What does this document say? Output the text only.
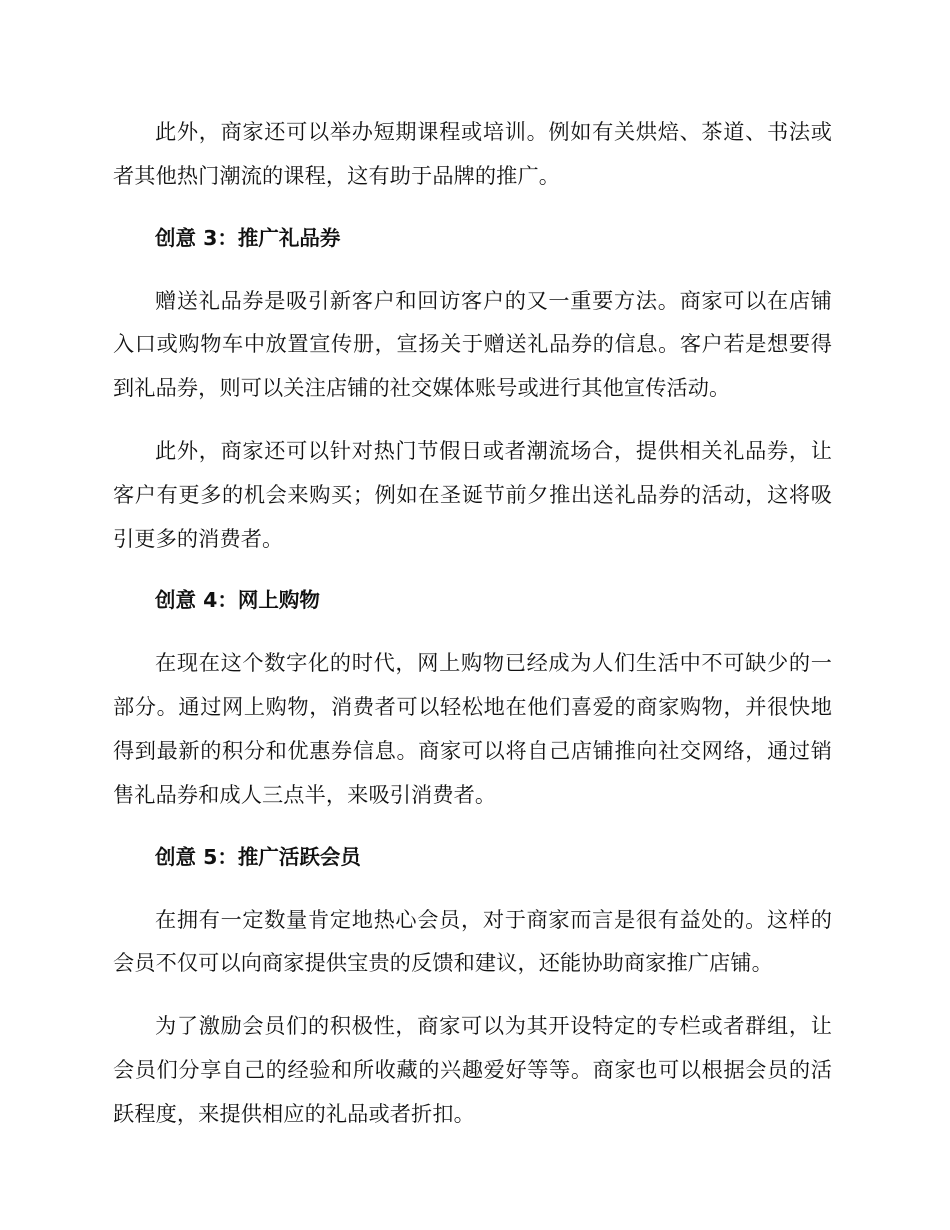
此外，商家还可以举办短期课程或培训。例如有关烘焙、茶道、书法或者其他热门潮流的课程，这有助于品牌的推广。

创意 3：推广礼品券

赠送礼品券是吸引新客户和回访客户的又一重要方法。商家可以在店铺入口或购物车中放置宣传册，宣扬关于赠送礼品券的信息。客户若是想要得到礼品券，则可以关注店铺的社交媒体账号或进行其他宣传活动。

此外，商家还可以针对热门节假日或者潮流场合，提供相关礼品券，让客户有更多的机会来购买；例如在圣诞节前夕推出送礼品券的活动，这将吸引更多的消费者。

创意 4：网上购物

在现在这个数字化的时代，网上购物已经成为人们生活中不可缺少的一部分。通过网上购物，消费者可以轻松地在他们喜爱的商家购物，并很快地得到最新的积分和优惠券信息。商家可以将自己店铺推向社交网络，通过销售礼品券和成人三点半，来吸引消费者。

创意 5：推广活跃会员

在拥有一定数量肯定地热心会员，对于商家而言是很有益处的。这样的会员不仅可以向商家提供宝贵的反馈和建议，还能协助商家推广店铺。

为了激励会员们的积极性，商家可以为其开设特定的专栏或者群组，让会员们分享自己的经验和所收藏的兴趣爱好等等。商家也可以根据会员的活跃程度，来提供相应的礼品或者折扣。
